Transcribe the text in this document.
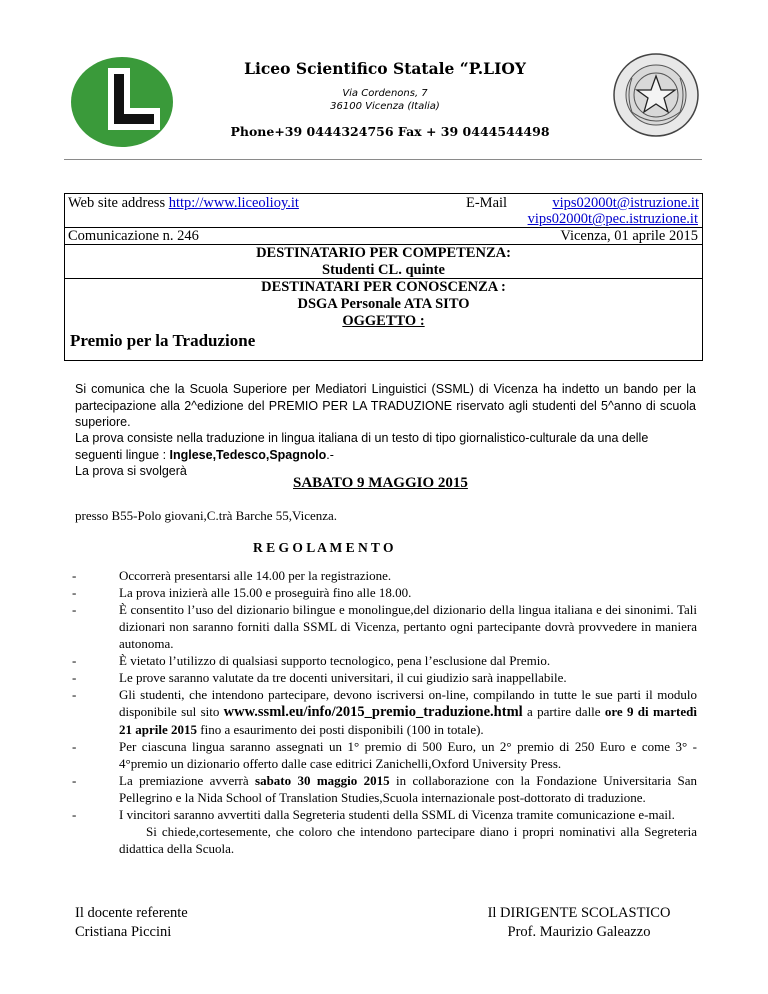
Liceo Scientifico Statale “P.LIOY
Via Cordenons, 7
36100 Vicenza (Italia)
Phone+39 0444324756 Fax + 39 0444544498
Web site address http://www.liceolioy.it	E-Mail	vips02000t@istruzione.it
vips02000t@pec.istruzione.it
Comunicazione n. 246	Vicenza, 01 aprile 2015
DESTINATARIO PER COMPETENZA:
Studenti CL. quinte
DESTINATARI PER CONOSCENZA :
DSGA Personale ATA SITO
OGGETTO :
Premio per la Traduzione
Si comunica che la Scuola Superiore per Mediatori Linguistici (SSML) di Vicenza ha indetto un bando per la partecipazione alla 2^edizione del PREMIO PER LA TRADUZIONE riservato agli studenti del 5^anno di scuola superiore.
La prova consiste nella traduzione in lingua italiana di un testo di tipo giornalistico-culturale da una delle seguenti lingue : Inglese,Tedesco,Spagnolo.-
La prova si svolgerà
SABATO 9 MAGGIO 2015
presso B55-Polo giovani,C.trà Barche 55,Vicenza.
R E G O L A M E N T O
-	Occorrerà presentarsi alle 14.00 per la registrazione.
-	La prova inizierà alle 15.00 e proseguirà fino alle 18.00.
-	È consentito l’uso del dizionario bilingue e monolingue,del dizionario della lingua italiana e dei sinonimi. Tali dizionari non saranno forniti dalla SSML di Vicenza, pertanto ogni partecipante dovrà provvedere in maniera autonoma.
-	È vietato l’utilizzo di qualsiasi supporto tecnologico, pena l’esclusione dal Premio.
-	Le prove saranno valutate da tre docenti universitari, il cui giudizio sarà inappellabile.
-	Gli studenti, che intendono partecipare, devono iscriversi on-line, compilando in tutte le sue parti il modulo disponibile sul sito www.ssml.eu/info/2015_premio_traduzione.html a partire dalle ore 9 di martedì 21 aprile 2015 fino a esaurimento dei posti disponibili (100 in totale).
-	Per ciascuna lingua saranno assegnati un 1° premio di 500 Euro, un 2° premio di 250 Euro e come 3° - 4°premio un dizionario offerto dalle case editrici Zanichelli,Oxford University Press.
-	La premiazione avverrà sabato 30 maggio 2015 in collaborazione con la Fondazione Universitaria San Pellegrino e la Nida School of Translation Studies,Scuola internazionale post-dottorato di traduzione.
-	I vincitori saranno avvertiti dalla Segreteria studenti della SSML di Vicenza tramite comunicazione e-mail.
Si chiede,cortesemente, che coloro che intendono partecipare diano i propri nominativi alla Segreteria didattica della Scuola.
Il docente referente
Cristiana Piccini
Il DIRIGENTE SCOLASTICO
Prof. Maurizio Galeazzo
